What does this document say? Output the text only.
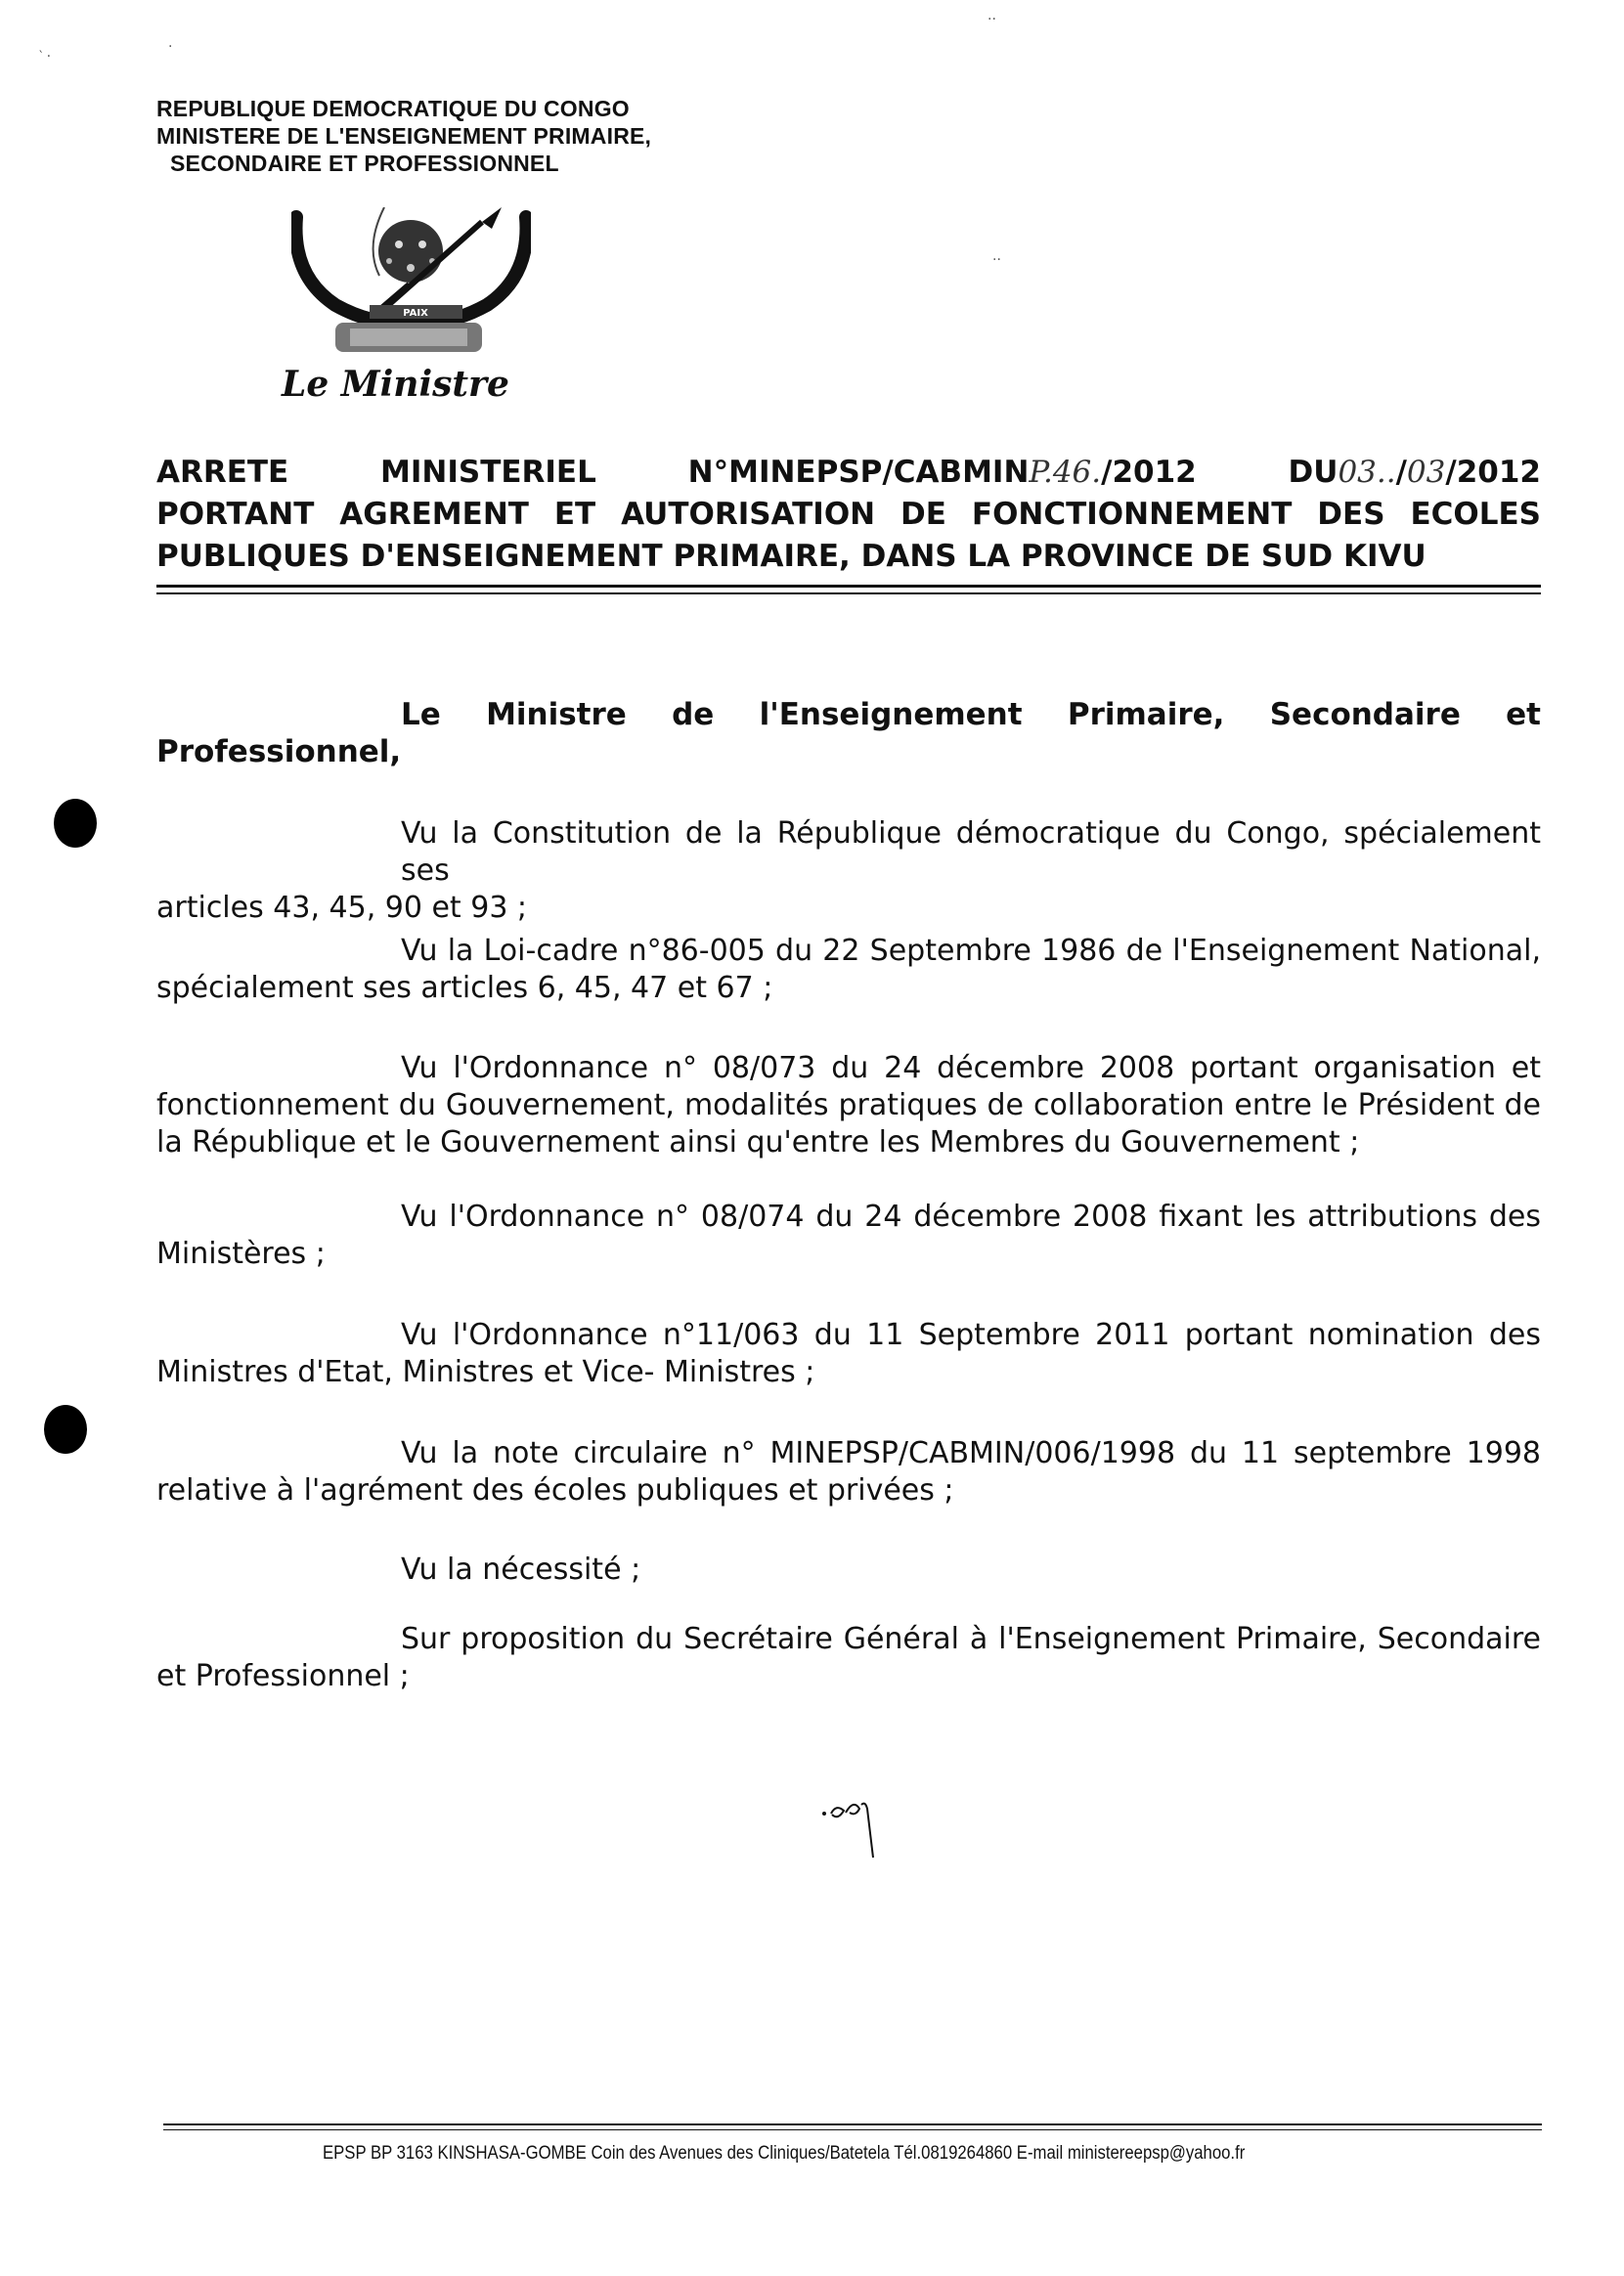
‵ ·
·
··
··
REPUBLIQUE DEMOCRATIQUE DU CONGO
MINISTERE DE L'ENSEIGNEMENT PRIMAIRE,
SECONDAIRE ET PROFESSIONNEL
PAIX
Le Ministre
ARRETE	MINISTERIEL	N°MINEPSP/CABMINP.46./2012	DU03../03/2012
PORTANT AGREMENT ET AUTORISATION DE FONCTIONNEMENT DES ECOLES
PUBLIQUES D'ENSEIGNEMENT PRIMAIRE, DANS LA PROVINCE DE SUD KIVU
Le Ministre de l'Enseignement Primaire, Secondaire et
Professionnel,
Vu la Constitution de la République démocratique du Congo, spécialement ses
articles 43, 45, 90 et 93 ;
Vu la Loi-cadre n°86-005 du 22 Septembre 1986 de l'Enseignement National,
spécialement ses articles 6, 45, 47 et 67 ;
Vu l'Ordonnance n° 08/073 du 24 décembre 2008 portant organisation et
fonctionnement du Gouvernement, modalités pratiques de collaboration entre le Président de la République et le Gouvernement ainsi qu'entre les Membres du Gouvernement ;
Vu l'Ordonnance n° 08/074 du 24 décembre 2008 fixant les attributions des
Ministères ;
Vu l'Ordonnance n°11/063 du 11 Septembre 2011 portant nomination des
Ministres d'Etat, Ministres et Vice- Ministres ;
Vu la note circulaire n° MINEPSP/CABMIN/006/1998 du 11 septembre 1998
relative à l'agrément des écoles publiques et privées ;
Vu la nécessité ;
Sur proposition du Secrétaire Général à l'Enseignement Primaire, Secondaire
et Professionnel ;
EPSP BP 3163 KINSHASA-GOMBE Coin des Avenues des Cliniques/Batetela Tél.0819264860 E-mail ministereepsp@yahoo.fr
